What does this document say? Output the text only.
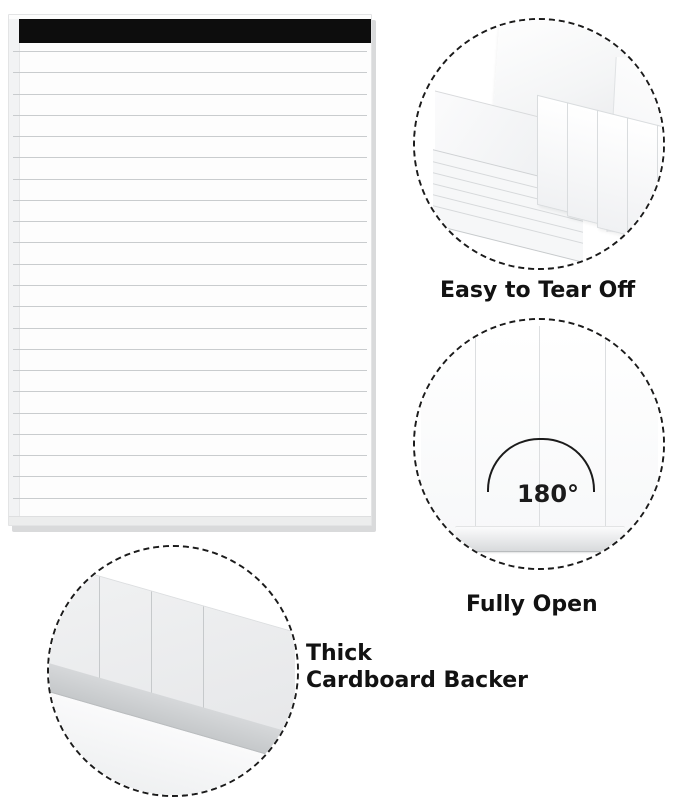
Easy to Tear Off
180°
Fully Open
Thick
Cardboard Backer
